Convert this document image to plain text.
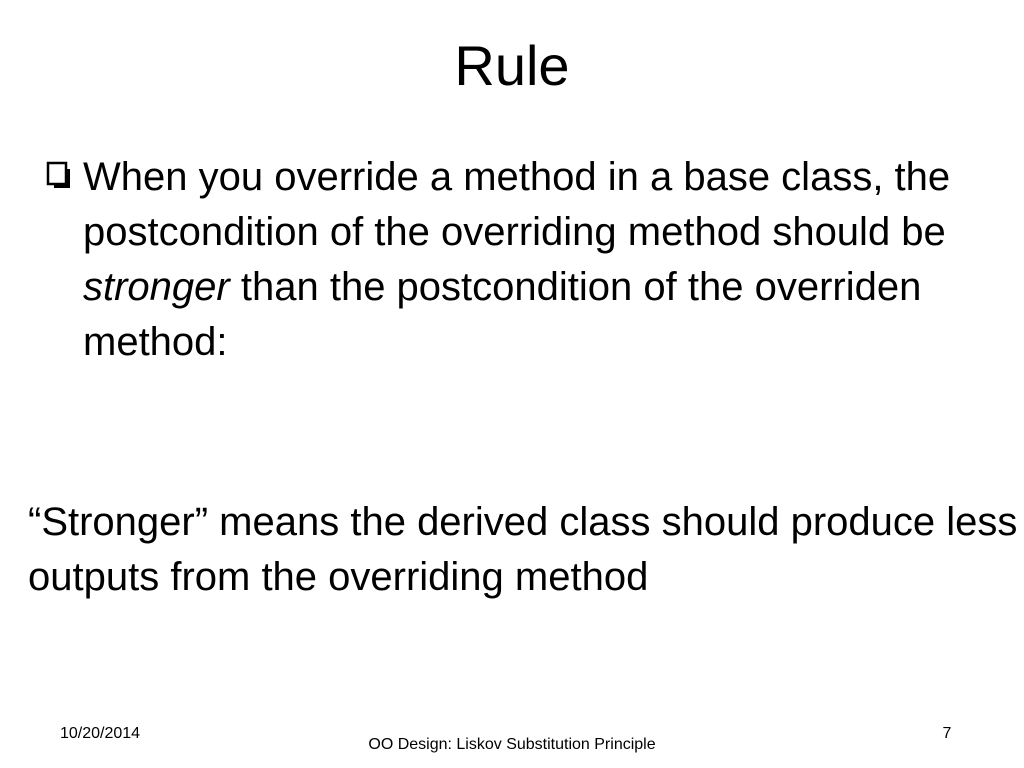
Rule

When you override a method in a base class, the postcondition of the overriding method should be stronger than the postcondition of the overriden method:

“Stronger” means the derived class should produce less outputs from the overriding method

10/20/2014
OO Design: Liskov Substitution Principle
7
